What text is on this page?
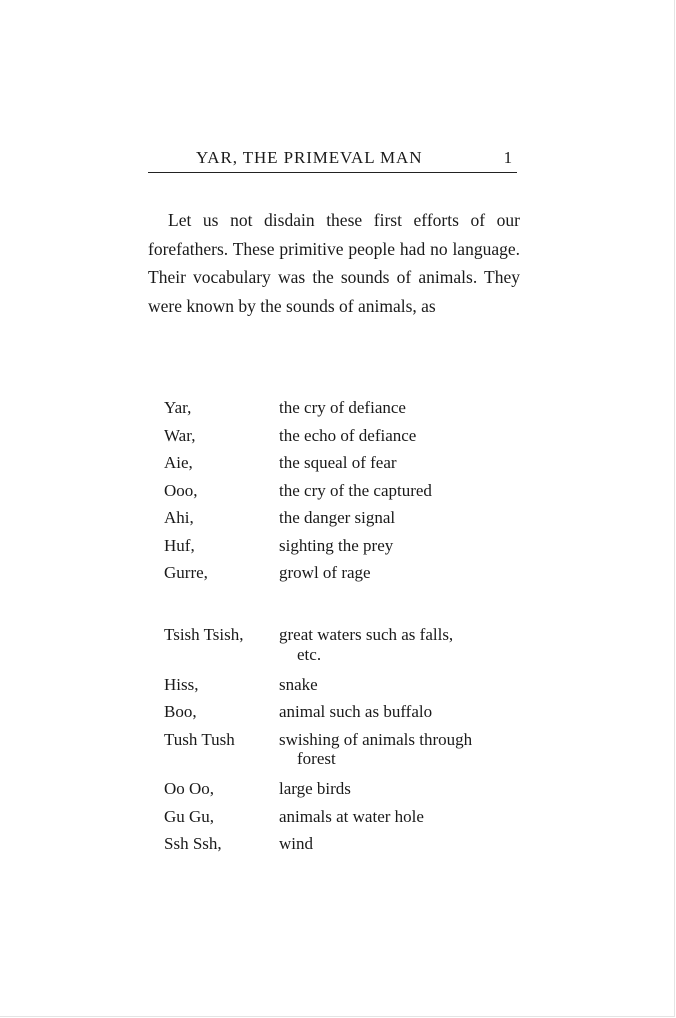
YAR, THE PRIMEVAL MAN	1

Let us not disdain these first efforts of our forefathers. These primitive people had no language. Their vocabulary was the sounds of animals. They were known by the sounds of animals, as

Yar,	the cry of defiance
War,	the echo of defiance
Aie,	the squeal of fear
Ooo,	the cry of the captured
Ahi,	the danger signal
Huf,	sighting the prey
Gurre,	growl of rage
Tsish Tsish,	great waters such as falls,
etc.
Hiss,	snake
Boo,	animal such as buffalo
Tush Tush	swishing of animals through
forest
Oo Oo,	large birds
Gu Gu,	animals at water hole
Ssh Ssh,	wind
